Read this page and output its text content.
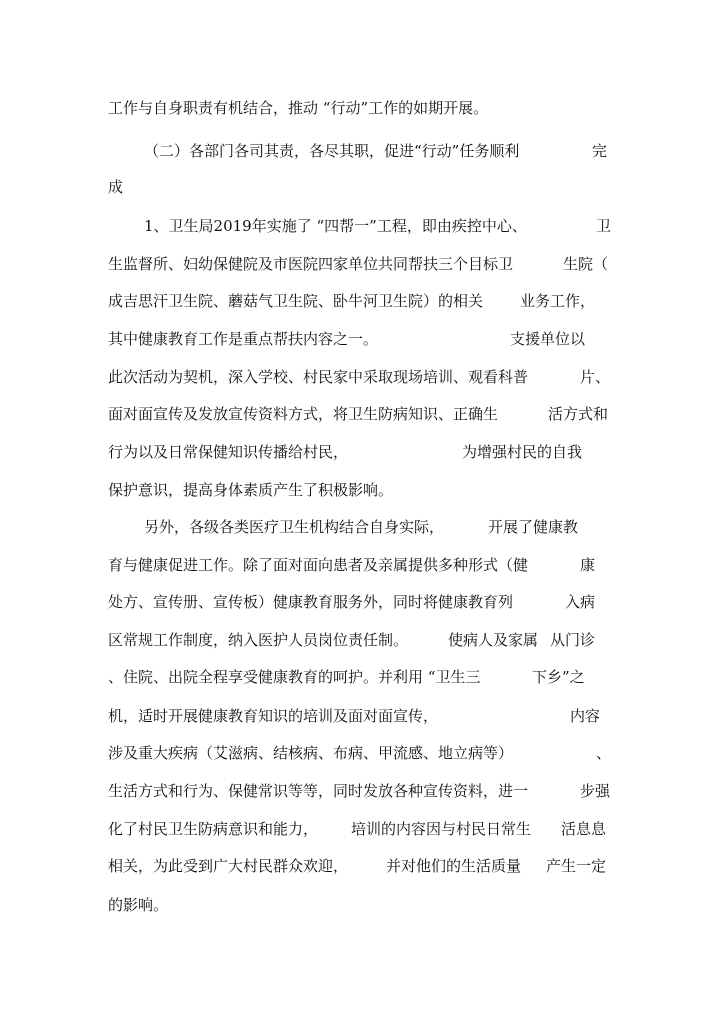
工作与自身职责有机结合，推动 “行动”工作的如期开展。

（二）各部门各司其责，各尽其职，促进“行动”任务顺利

	完

成

1、卫生局2019年实施了 “四帮一”工程，即由疾控中心、

	卫

生监督所、妇幼保健院及市医院四家单位共同帮扶三个目标卫

	生院（

成吉思汗卫生院、蘑菇气卫生院、卧牛河卫生院）的相关

业务工作，

其中健康教育工作是重点帮扶内容之一。

	支援单位以

此次活动为契机，深入学校、村民家中采取现场培训、观看科普

	片、

面对面宣传及发放宣传资料方式，将卫生防病知识、正确生

	活方式和

行为以及日常保健知识传播给村民，

	为增强村民的自我

保护意识，提高身体素质产生了积极影响。

另外，各级各类医疗卫生机构结合自身实际，

	开展了健康教

育与健康促进工作。除了面对面向患者及亲属提供多种形式（健

	康

处方、宣传册、宣传板）健康教育服务外，同时将健康教育列

	入病

区常规工作制度，纳入医护人员岗位责任制。

	使病人及家属

从门诊

、住院、出院全程享受健康教育的呵护。并利用 “卫生三

	下乡”之

机，适时开展健康教育知识的培训及面对面宣传，

	内容

涉及重大疾病（艾滋病、结核病、布病、甲流感、地立病等）

	、

生活方式和行为、保健常识等等，同时发放各种宣传资料，进一

	步强

化了村民卫生防病意识和能力，

培训的内容因与村民日常生

活息息

相关，为此受到广大村民群众欢迎，

	并对他们的生活质量

产生一定

的影响。
